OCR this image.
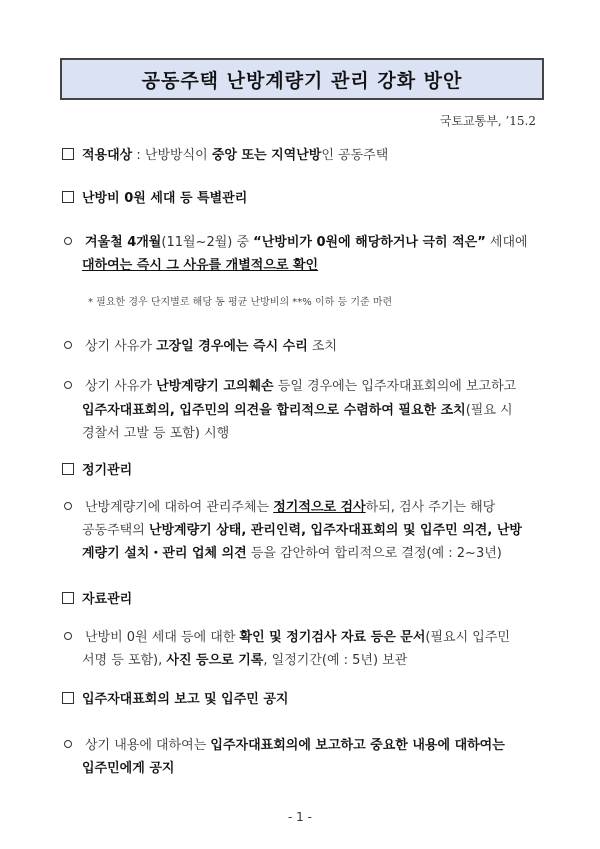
공동주택 난방계량기 관리 강화 방안
국토교통부, ’15.2
적용대상 : 난방방식이 중앙 또는 지역난방인 공동주택
난방비 0원 세대 등 특별관리
겨울철 4개월(11월~2월) 중 “난방비가 0원에 해당하거나 극히 적은” 세대에
대하여는 즉시 그 사유를 개별적으로 확인
* 필요한 경우 단지별로 해당 동 평균 난방비의 **% 이하 등 기준 마련
상기 사유가 고장일 경우에는 즉시 수리 조치
상기 사유가 난방계량기 고의훼손 등일 경우에는 입주자대표회의에 보고하고
입주자대표회의, 입주민의 의견을 합리적으로 수렴하여 필요한 조치(필요 시
경찰서 고발 등 포함) 시행
정기관리
난방계량기에 대하여 관리주체는 정기적으로 검사하되, 검사 주기는 해당
공동주택의 난방계량기 상태, 관리인력, 입주자대표회의 및 입주민 의견, 난방
계량기 설치・관리 업체 의견 등을 감안하여 합리적으로 결정(예 : 2~3년)
자료관리
난방비 0원 세대 등에 대한 확인 및 정기검사 자료 등은 문서(필요시 입주민
서명 등 포함), 사진 등으로 기록, 일정기간(예 : 5년) 보관
입주자대표회의 보고 및 입주민 공지
상기 내용에 대하여는 입주자대표회의에 보고하고 중요한 내용에 대하여는
입주민에게 공지
- 1 -
